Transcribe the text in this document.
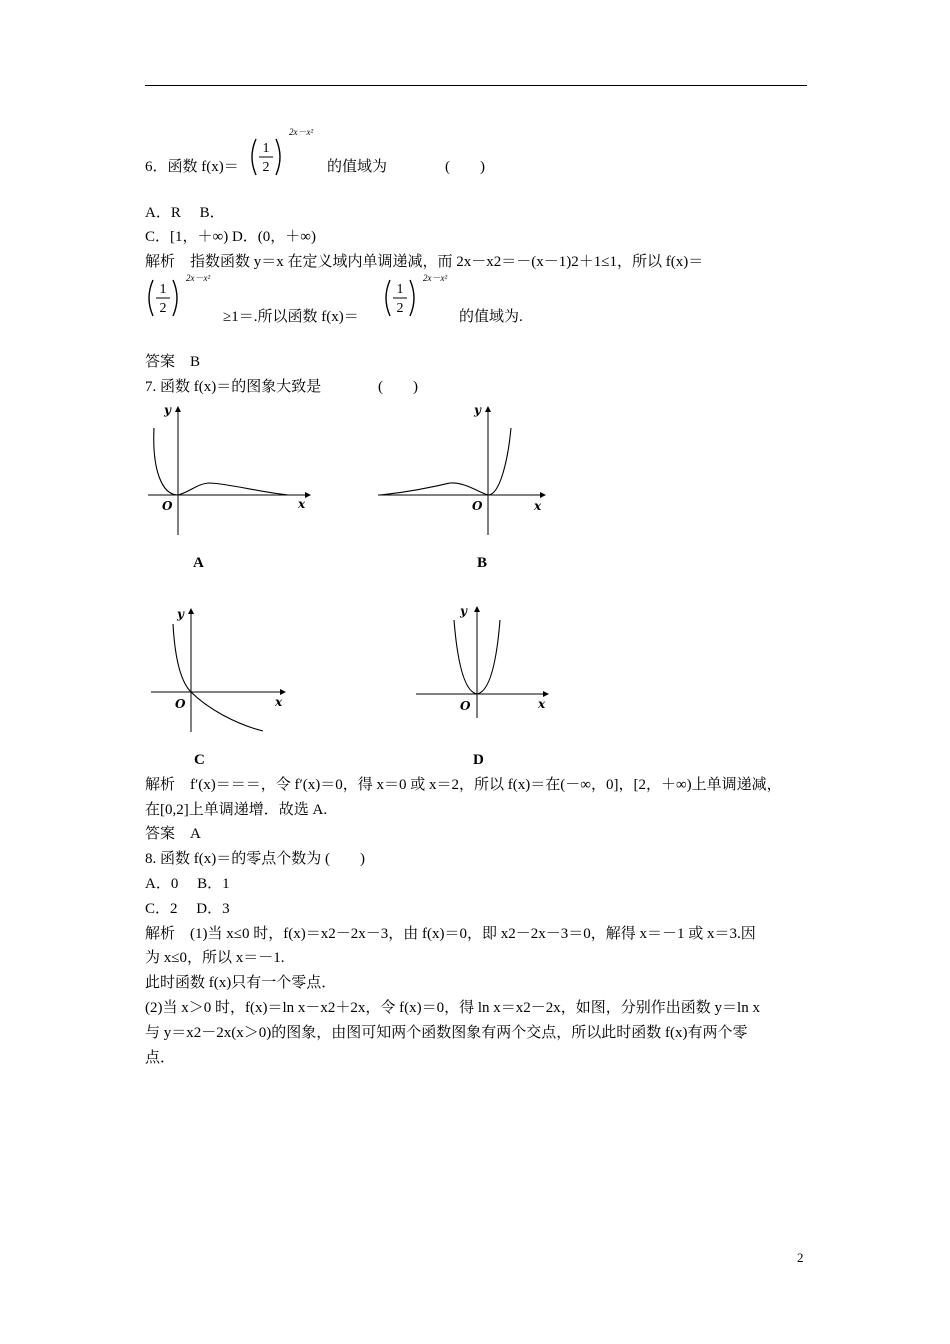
6．函数 f(x)＝
1
2
2x－x²
的值域为	(　　)
A．R　 B．
C．[1，＋∞) D．(0，＋∞)
解析　指数函数 y＝x 在定义域内单调递减，而 2x－x2＝－(x－1)2＋1≤1，所以 f(x)＝
1
2
2x－x²
≥1＝.所以函数 f(x)＝
1
2
2x－x²
的值域为.
答案　B
7. 函数 f(x)＝的图象大致是	(　　)
y
x
O
A
y
x
O
B
y
x
O
C
y
x
O
D
解析　f′(x)＝＝＝，令 f′(x)＝0，得 x＝0 或 x＝2，所以 f(x)＝在(－∞，0]，[2，＋∞)上单调递减，
在[0,2]上单调递增．故选 A.
答案　A
8. 函数 f(x)＝的零点个数为 (　　)
A．0　 B．1
C．2　 D．3
解析　(1)当 x≤0 时，f(x)＝x2－2x－3，由 f(x)＝0，即 x2－2x－3＝0，解得 x＝－1 或 x＝3.因
为 x≤0，所以 x＝－1.
此时函数 f(x)只有一个零点．
(2)当 x＞0 时，f(x)＝ln x－x2＋2x，令 f(x)＝0，得 ln x＝x2－2x，如图，分别作出函数 y＝ln x
与 y＝x2－2x(x＞0)的图象，由图可知两个函数图象有两个交点，所以此时函数 f(x)有两个零
点．
2
